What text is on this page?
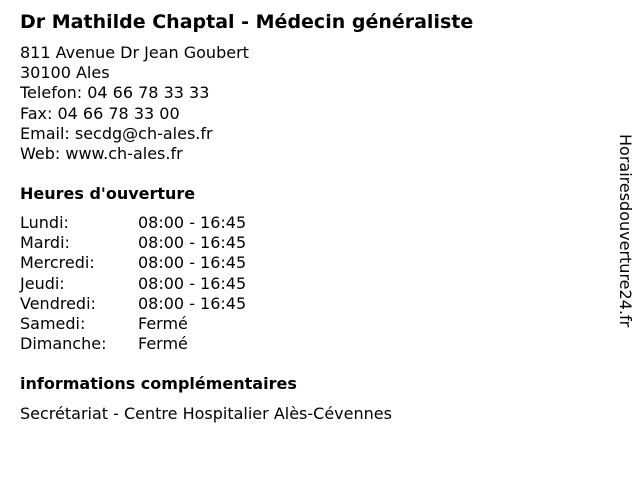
Dr Mathilde Chaptal - Médecin généraliste
811 Avenue Dr Jean Goubert
30100 Ales
Telefon: 04 66 78 33 33
Fax: 04 66 78 33 00
Email: secdg@ch-ales.fr
Web: www.ch-ales.fr
Heures d'ouverture
Lundi:	08:00 - 16:45
Mardi:	08:00 - 16:45
Mercredi:	08:00 - 16:45
Jeudi:	08:00 - 16:45
Vendredi:	08:00 - 16:45
Samedi:	Fermé
Dimanche: Fermé
informations complémentaires
Secrétariat - Centre Hospitalier Alès-Cévennes
Horairesdouverture24.fr
